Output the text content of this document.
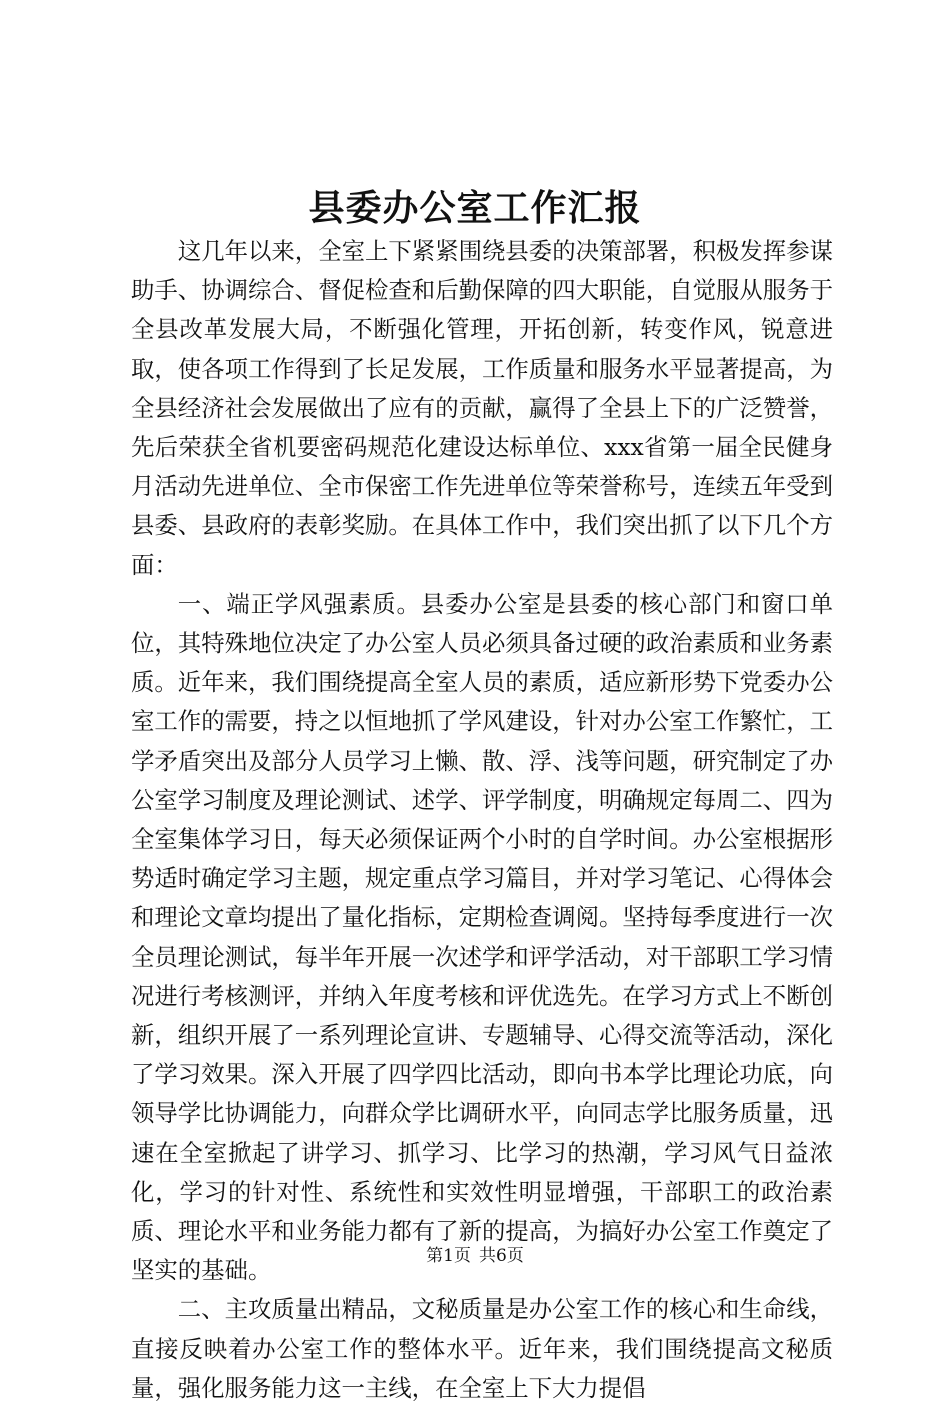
县委办公室工作汇报

这几年以来，全室上下紧紧围绕县委的决策部署，积极发挥参谋助手、协调综合、督促检查和后勤保障的四大职能，自觉服从服务于全县改革发展大局，不断强化管理，开拓创新，转变作风，锐意进取，使各项工作得到了长足发展，工作质量和服务水平显著提高，为全县经济社会发展做出了应有的贡献，赢得了全县上下的广泛赞誉，先后荣获全省机要密码规范化建设达标单位、xxx省第一届全民健身月活动先进单位、全市保密工作先进单位等荣誉称号，连续五年受到县委、县政府的表彰奖励。在具体工作中，我们突出抓了以下几个方面：

一、端正学风强素质。县委办公室是县委的核心部门和窗口单位，其特殊地位决定了办公室人员必须具备过硬的政治素质和业务素质。近年来，我们围绕提高全室人员的素质，适应新形势下党委办公室工作的需要，持之以恒地抓了学风建设，针对办公室工作繁忙，工学矛盾突出及部分人员学习上懒、散、浮、浅等问题，研究制定了办公室学习制度及理论测试、述学、评学制度，明确规定每周二、四为全室集体学习日，每天必须保证两个小时的自学时间。办公室根据形势适时确定学习主题，规定重点学习篇目，并对学习笔记、心得体会和理论文章均提出了量化指标，定期检查调阅。坚持每季度进行一次全员理论测试，每半年开展一次述学和评学活动，对干部职工学习情况进行考核测评，并纳入年度考核和评优选先。在学习方式上不断创新，组织开展了一系列理论宣讲、专题辅导、心得交流等活动，深化了学习效果。深入开展了四学四比活动，即向书本学比理论功底，向领导学比协调能力，向群众学比调研水平，向同志学比服务质量，迅速在全室掀起了讲学习、抓学习、比学习的热潮，学习风气日益浓化，学习的针对性、系统性和实效性明显增强，干部职工的政治素质、理论水平和业务能力都有了新的提高，为搞好办公室工作奠定了坚实的基础。

二、主攻质量出精品，文秘质量是办公室工作的核心和生命线，直接反映着办公室工作的整体水平。近年来，我们围绕提高文秘质量，强化服务能力这一主线，在全室上下大力提倡

第1页 共6页
